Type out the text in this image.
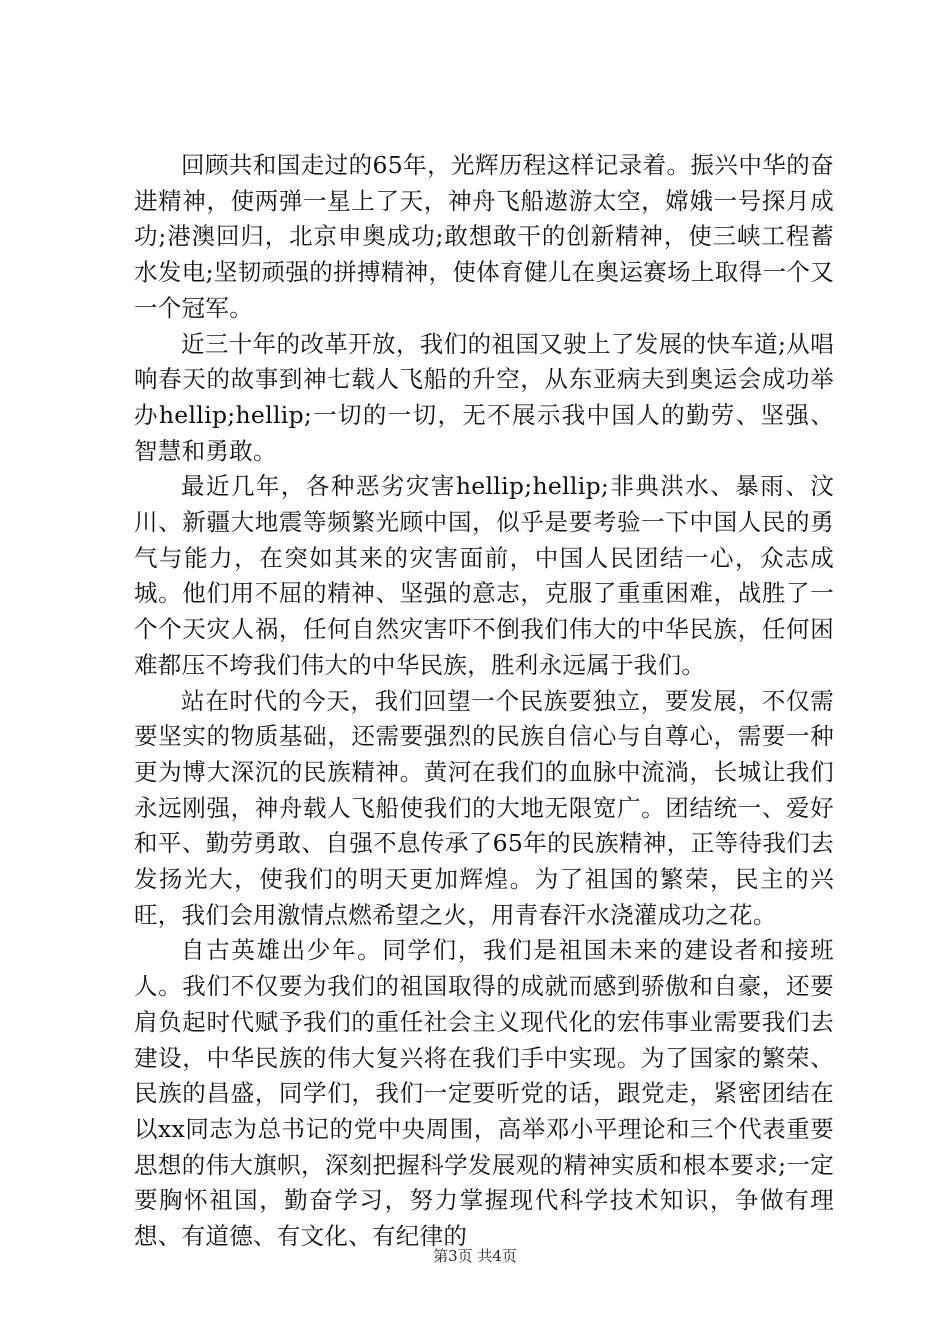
回顾共和国走过的65年，光辉历程这样记录着。振兴中华的奋进精神，使两弹一星上了天，神舟飞船遨游太空，嫦娥一号探月成功;港澳回归，北京申奥成功;敢想敢干的创新精神，使三峡工程蓄水发电;坚韧顽强的拼搏精神，使体育健儿在奥运赛场上取得一个又一个冠军。

近三十年的改革开放，我们的祖国又驶上了发展的快车道;从唱响春天的故事到神七载人飞船的升空，从东亚病夫到奥运会成功举办hellip;hellip;一切的一切，无不展示我中国人的勤劳、坚强、智慧和勇敢。

最近几年，各种恶劣灾害hellip;hellip;非典洪水、暴雨、汶川、新疆大地震等频繁光顾中国，似乎是要考验一下中国人民的勇气与能力，在突如其来的灾害面前，中国人民团结一心，众志成城。他们用不屈的精神、坚强的意志，克服了重重困难，战胜了一个个天灾人祸，任何自然灾害吓不倒我们伟大的中华民族，任何困难都压不垮我们伟大的中华民族，胜利永远属于我们。

站在时代的今天，我们回望一个民族要独立，要发展，不仅需要坚实的物质基础，还需要强烈的民族自信心与自尊心，需要一种更为博大深沉的民族精神。黄河在我们的血脉中流淌，长城让我们永远刚强，神舟载人飞船使我们的大地无限宽广。团结统一、爱好和平、勤劳勇敢、自强不息传承了65年的民族精神，正等待我们去发扬光大，使我们的明天更加辉煌。为了祖国的繁荣，民主的兴旺，我们会用激情点燃希望之火，用青春汗水浇灌成功之花。

自古英雄出少年。同学们，我们是祖国未来的建设者和接班人。我们不仅要为我们的祖国取得的成就而感到骄傲和自豪，还要肩负起时代赋予我们的重任社会主义现代化的宏伟事业需要我们去建设，中华民族的伟大复兴将在我们手中实现。为了国家的繁荣、民族的昌盛，同学们，我们一定要听党的话，跟党走，紧密团结在以xx同志为总书记的党中央周围，高举邓小平理论和三个代表重要思想的伟大旗帜，深刻把握科学发展观的精神实质和根本要求;一定要胸怀祖国，勤奋学习，努力掌握现代科学技术知识，争做有理想、有道德、有文化、有纪律的

第3页 共4页
